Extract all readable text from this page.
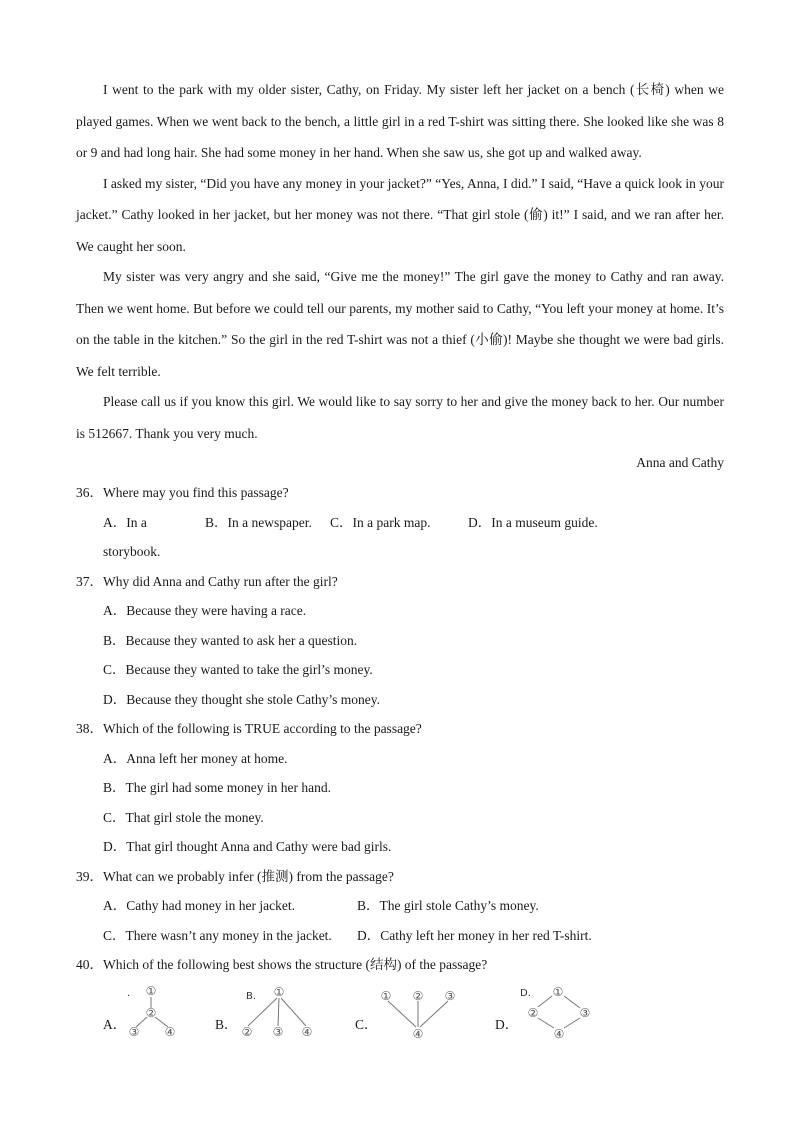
I went to the park with my older sister, Cathy, on Friday. My sister left her jacket on a bench (长椅) when we played games. When we went back to the bench, a little girl in a red T-shirt was sitting there. She looked like she was 8 or 9 and had long hair. She had some money in her hand. When she saw us, she got up and walked away.

I asked my sister, “Did you have any money in your jacket?” “Yes, Anna, I did.” I said, “Have a quick look in your jacket.” Cathy looked in her jacket, but her money was not there. “That girl stole (偷) it!” I said, and we ran after her. We caught her soon.

My sister was very angry and she said, “Give me the money!” The girl gave the money to Cathy and ran away. Then we went home. But before we could tell our parents, my mother said to Cathy, “You left your money at home. It’s on the table in the kitchen.” So the girl in the red T-shirt was not a thief (小偷)! Maybe she thought we were bad girls. We felt terrible.

Please call us if you know this girl. We would like to say sorry to her and give the money back to her. Our number is 512667. Thank you very much.

Anna and Cathy
36．Where may you find this passage?
A．In a storybook.
B．In a newspaper.	C．In a park map.	D．In a museum guide.
37．Why did Anna and Cathy run after the girl?
A．Because they were having a race.
B．Because they wanted to ask her a question.
C．Because they wanted to take the girl’s money.
D．Because they thought she stole Cathy’s money.
38．Which of the following is TRUE according to the passage?
A．Anna left her money at home.
B．The girl had some money in her hand.
C．That girl stole the money.
D．That girl thought Anna and Cathy were bad girls.
39．What can we probably infer (推测) from the passage?
A．Cathy had money in her jacket.	B．The girl stole Cathy’s money.
C．There wasn’t any money in the jacket.	D．Cathy left her money in her red T-shirt.
40．Which of the following best shows the structure (结构) of the passage?
A．
. ①
②
③ ④	B．
B. ①
② ③ ④	C．
① ② ③
④
D．
D. ①
②	③
④
